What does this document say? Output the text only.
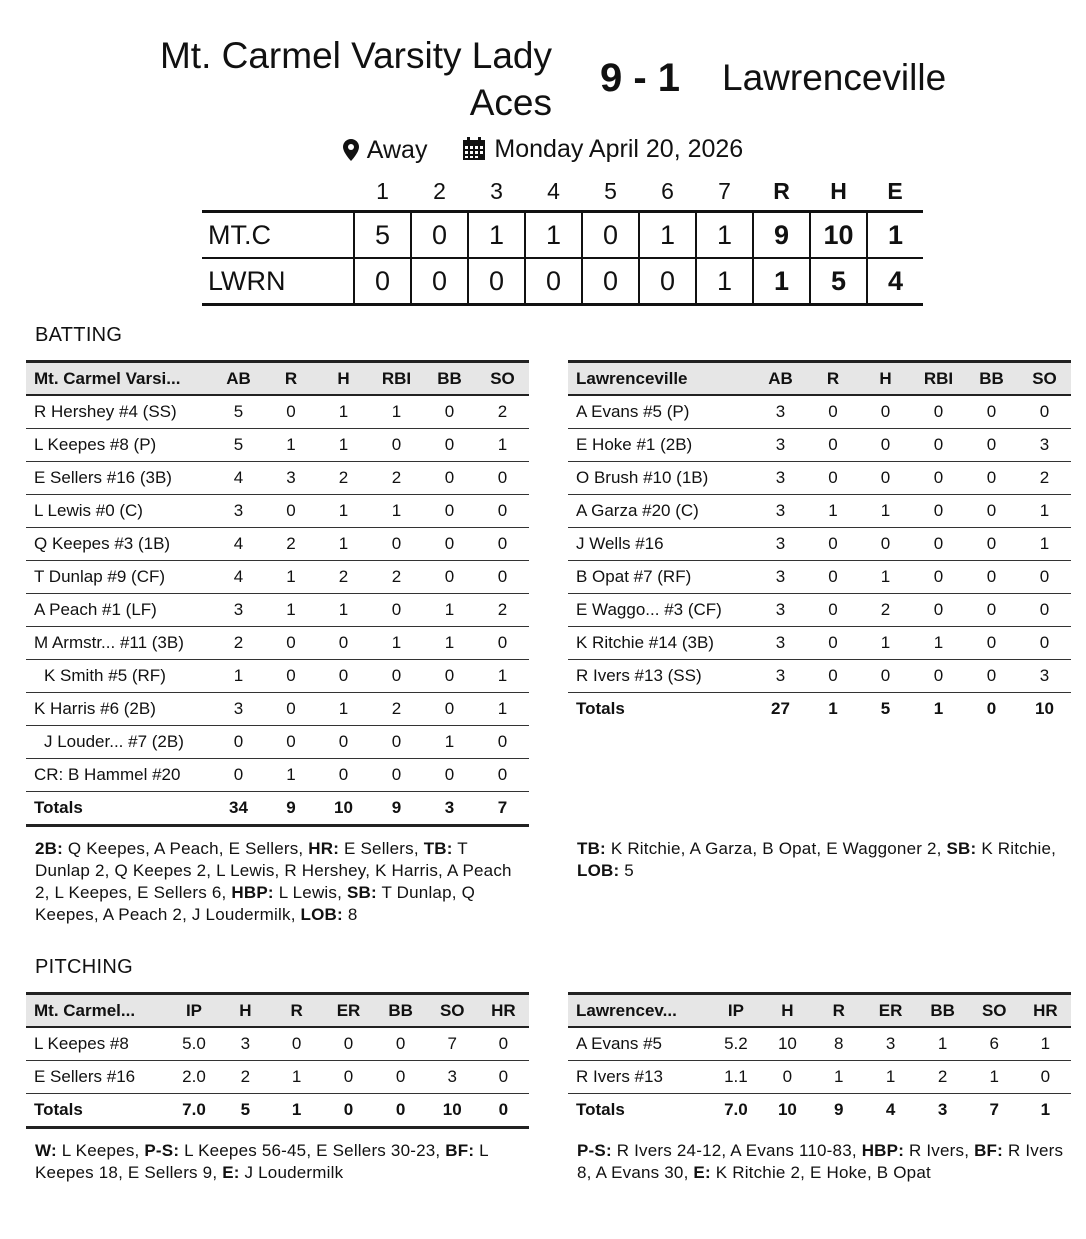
Mt. Carmel Varsity Lady Aces
9 - 1	Lawrenceville
Away
	Monday April 20, 2026
	1	2	3	4	5	6	7	R	H	E
MT.C	5	0	1	1	0	1	1	9	10	1
LWRN	0	0	0	0	0	0	1	1	5	4
BATTING
Mt. Carmel Varsi...	AB	R	H	RBI	BB	SO
R Hershey #4 (SS)	5	0	1	1	0	2
L Keepes #8 (P)	5	1	1	0	0	1
E Sellers #16 (3B)	4	3	2	2	0	0
L Lewis #0 (C)	3	0	1	1	0	0
Q Keepes #3 (1B)	4	2	1	0	0	0
T Dunlap #9 (CF)	4	1	2	2	0	0
A Peach #1 (LF)	3	1	1	0	1	2
M Armstr... #11 (3B)	2	0	0	1	1	0
K Smith #5 (RF)	1	0	0	0	0	1
K Harris #6 (2B)	3	0	1	2	0	1
J Louder... #7 (2B)	0	0	0	0	1	0
CR: B Hammel #20	0	1	0	0	0	0
Totals	34	9	10	9	3	7
Lawrenceville	AB	R	H	RBI	BB	SO
A Evans #5 (P)	3	0	0	0	0	0
E Hoke #1 (2B)	3	0	0	0	0	3
O Brush #10 (1B)	3	0	0	0	0	2
A Garza #20 (C)	3	1	1	0	0	1
J Wells #16	3	0	0	0	0	1
B Opat #7 (RF)	3	0	1	0	0	0
E Waggo... #3 (CF)	3	0	2	0	0	0
K Ritchie #14 (3B)	3	0	1	1	0	0
R Ivers #13 (SS)	3	0	0	0	0	3
Totals	27	1	5	1	0	10
2B: Q Keepes, A Peach, E Sellers, HR: E Sellers, TB: T Dunlap 2, Q Keepes 2, L Lewis, R Hershey, K Harris, A Peach 2, L Keepes, E Sellers 6, HBP: L Lewis, SB: T Dunlap, Q Keepes, A Peach 2, J Loudermilk, LOB: 8
TB: K Ritchie, A Garza, B Opat, E Waggoner 2, SB: K Ritchie, LOB: 5
PITCHING
Mt. Carmel...	IP	H	R	ER	BB	SO	HR
L Keepes #8	5.0	3	0	0	0	7	0
E Sellers #16	2.0	2	1	0	0	3	0
Totals	7.0	5	1	0	0	10	0
Lawrencev...	IP	H	R	ER	BB	SO	HR
A Evans #5	5.2	10	8	3	1	6	1
R Ivers #13	1.1	0	1	1	2	1	0
Totals	7.0	10	9	4	3	7	1
W: L Keepes, P-S: L Keepes 56-45, E Sellers 30-23, BF: L Keepes 18, E Sellers 9, E: J Loudermilk
P-S: R Ivers 24-12, A Evans 110-83, HBP: R Ivers, BF: R Ivers 8, A Evans 30, E: K Ritchie 2, E Hoke, B Opat
